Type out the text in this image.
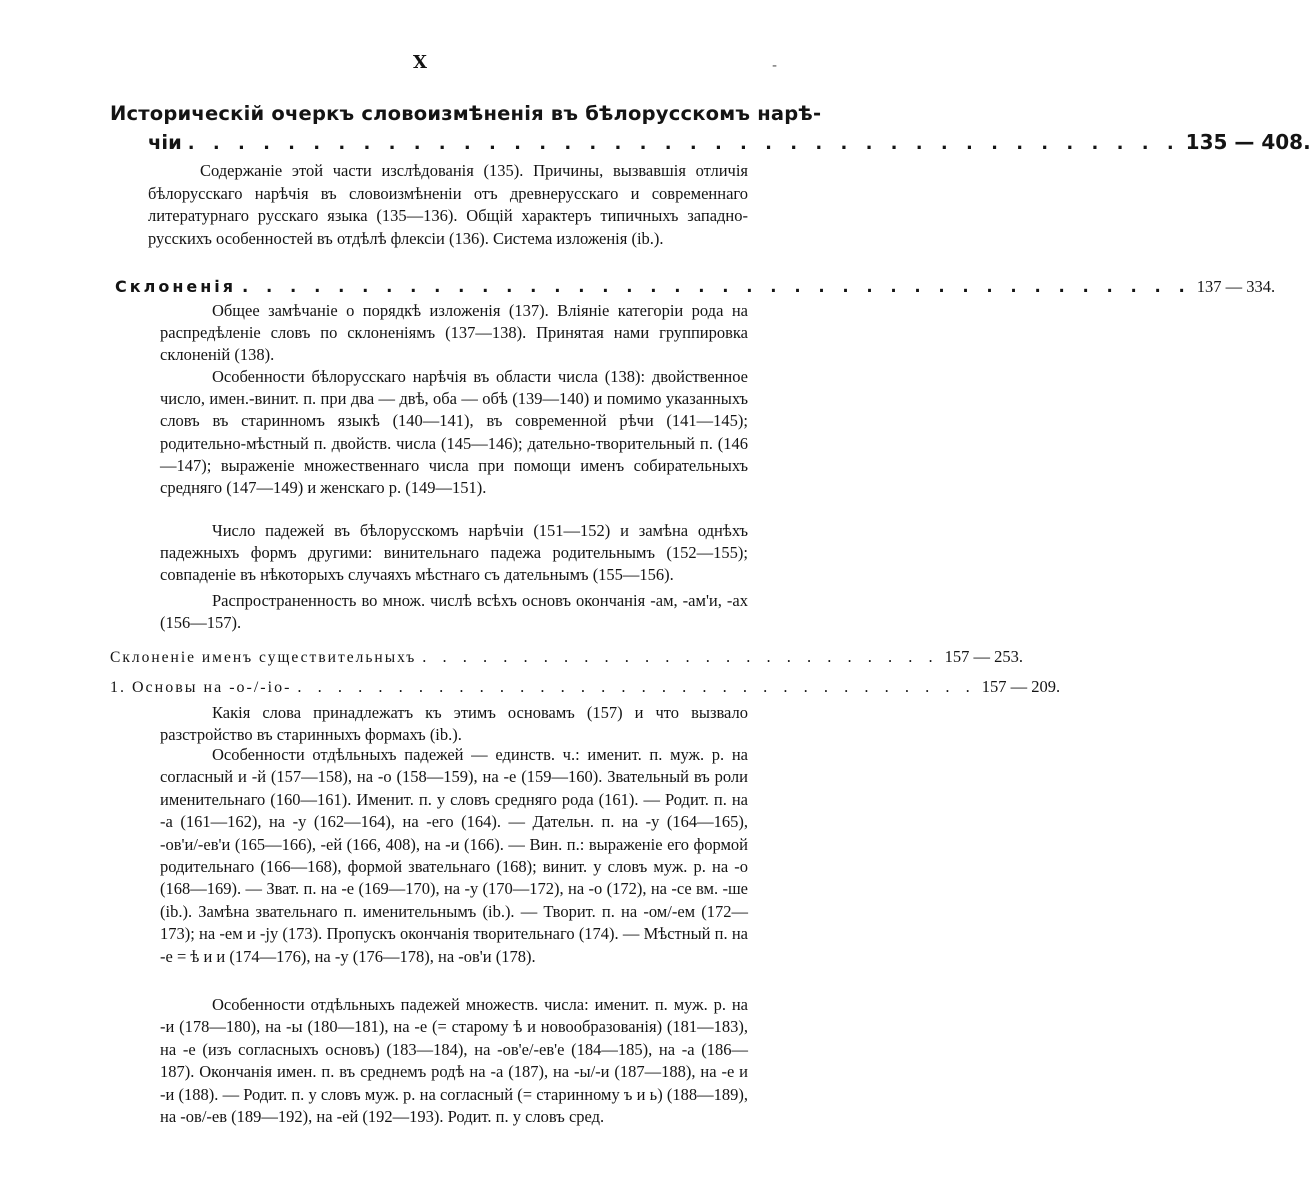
X	-
Историческій очеркъ словоизмѣненія въ бѣлорусскомъ нарѣ-
чіи . . . . . . . . . . . . . . . . . . . . . . . . . . . . . . . . . . . . . . . . 135 — 408.
Содержаніе этой части изслѣдованія (135). Причины, вызвавшія отличія бѣлорусскаго нарѣчія въ словоизмѣненіи отъ древнерусскаго и современнаго литературнаго русскаго языка (135—136). Общій характеръ типичныхъ западно-русскихъ особенностей въ отдѣлѣ флексіи (136). Система изложенія (ib.).
Склоненія . . . . . . . . . . . . . . . . . . . . . . . . . . . . . . . . . . . . . . . . 137 — 334.
Общее замѣчаніе о порядкѣ изложенія (137). Вліяніе категоріи рода на распредѣленіе словъ по склоненіямъ (137—138). Принятая нами группировка склоненій (138).
Особенности бѣлорусскаго нарѣчія въ области числа (138): двойственное число, имен.-винит. п. при два — двѣ, оба — обѣ (139—140) и помимо указанныхъ словъ въ старинномъ языкѣ (140—141), въ современной рѣчи (141—145); родительно-мѣстный п. двойств. числа (145—146); дательно-творительный п. (146—147); выраженіе множественнаго числа при помощи именъ собирательныхъ средняго (147—149) и женскаго р. (149—151).
Число падежей въ бѣлорусскомъ нарѣчіи (151—152) и замѣна однѣхъ падежныхъ формъ другими: винительнаго падежа родительнымъ (152—155); совпаденіе въ нѣкоторыхъ случаяхъ мѣстнаго съ дательнымъ (155—156).
Распространенность во множ. числѣ всѣхъ основъ окончанія -ам, -ам'и, -ах (156—157).
Склоненіе именъ существительныхъ . . . . . . . . . . . . . . . . . . . . . . . . . . 157 — 253.
1. Основы на -о-/-io- . . . . . . . . . . . . . . . . . . . . . . . . . . . . . . . . . . 157 — 209.
Какія слова принадлежатъ къ этимъ основамъ (157) и что вызвало разстройство въ старинныхъ формахъ (ib.).
Особенности отдѣльныхъ падежей — единств. ч.: именит. п. муж. р. на согласный и -й (157—158), на -о (158—159), на -е (159—160). Звательный въ роли именительнаго (160—161). Именит. п. у словъ средняго рода (161). — Родит. п. на -а (161—162), на -у (162—164), на -его (164). — Дательн. п. на -у (164—165), -ов'и/-ев'и (165—166), -ей (166, 408), на -и (166). — Вин. п.: выраженіе его формой родительнаго (166—168), формой звательнаго (168); винит. у словъ муж. р. на -о (168—169). — Зват. п. на -е (169—170), на -у (170—172), на -о (172), на -се вм. -ше (ib.). Замѣна звательнаго п. именительнымъ (ib.). — Творит. п. на -ом/-ем (172—173); на -ем и -ју (173). Пропускъ окончанія творительнаго (174). — Мѣстный п. на -е = ѣ и и (174—176), на -у (176—178), на -ов'и (178).
Особенности отдѣльныхъ падежей множеств. числа: именит. п. муж. р. на -и (178—180), на -ы (180—181), на -е (= старому ѣ и новообразованія) (181—183), на -е (изъ согласныхъ основъ) (183—184), на -ов'е/-ев'е (184—185), на -а (186—187). Окончанія имен. п. въ среднемъ родѣ на -а (187), на -ы/-и (187—188), на -е и -и (188). — Родит. п. у словъ муж. р. на согласный (= старинному ъ и ь) (188—189), на -ов/-ев (189—192), на -ей (192—193). Родит. п. у словъ сред.
